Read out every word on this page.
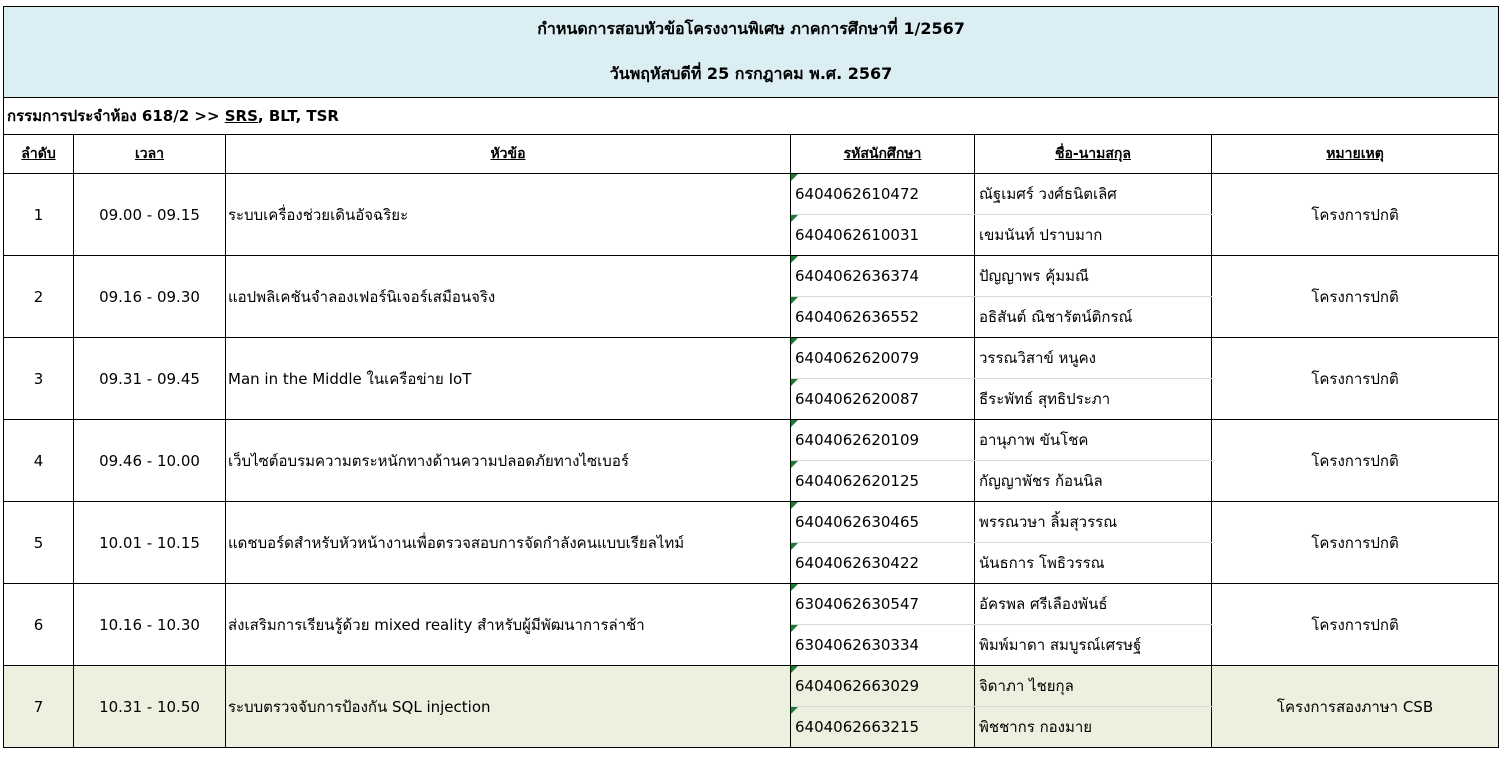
กำหนดการสอบหัวข้อโครงงานพิเศษ ภาคการศึกษาที่ 1/2567					
วันพฤหัสบดีที่ 25 กรกฎาคม พ.ศ. 2567					
กรรมการประจำห้อง 618/2 >> SRS, BLT, TSR					
ลำดับ	เวลา	หัวข้อ	รหัสนักศึกษา	ชื่อ-นามสกุล	หมายเหตุ
1	09.00 - 09.15	ระบบเครื่องช่วยเดินอัจฉริยะ	6404062610472	ณัฐเมศร์ วงศ์ธนิตเลิศ	โครงการปกติ

6404062610031	เขมนันท์ ปราบมาก	
2	09.16 - 09.30	แอปพลิเคชันจำลองเฟอร์นิเจอร์เสมือนจริง	6404062636374	ปัญญาพร คุ้มมณี	โครงการปกติ

6404062636552	อธิสันต์ ณิชารัตน์ติกรณ์	
3	09.31 - 09.45	Man in the Middle ในเครือข่าย IoT	6404062620079	วรรณวิสาข์ หนูคง	โครงการปกติ

6404062620087	ธีระพัทธ์ สุทธิประภา	
4	09.46 - 10.00	เว็บไซต์อบรมความตระหนักทางด้านความปลอดภัยทางไซเบอร์	6404062620109	อานุภาพ ขันโชค	โครงการปกติ

6404062620125	กัญญาพัชร ก้อนนิล	
5	10.01 - 10.15	แดชบอร์ดสำหรับหัวหน้างานเพื่อตรวจสอบการจัดกำลังคนแบบเรียลไทม์	6404062630465	พรรณวษา ลิ้มสุวรรณ	โครงการปกติ

6404062630422	นันธการ โพธิวรรณ	
6	10.16 - 10.30	ส่งเสริมการเรียนรู้ด้วย mixed reality สำหรับผู้มีพัฒนาการล่าช้า	6304062630547	อัครพล ศรีเลืองพันธ์	โครงการปกติ

6304062630334	พิมพ์มาดา สมบูรณ์เศรษฐ์	
7	10.31 - 10.50	ระบบตรวจจับการป้องกัน SQL injection	6404062663029	จิดาภา ไชยกุล	โครงการสองภาษา CSB

6404062663215	พิชชากร กองมาย	
